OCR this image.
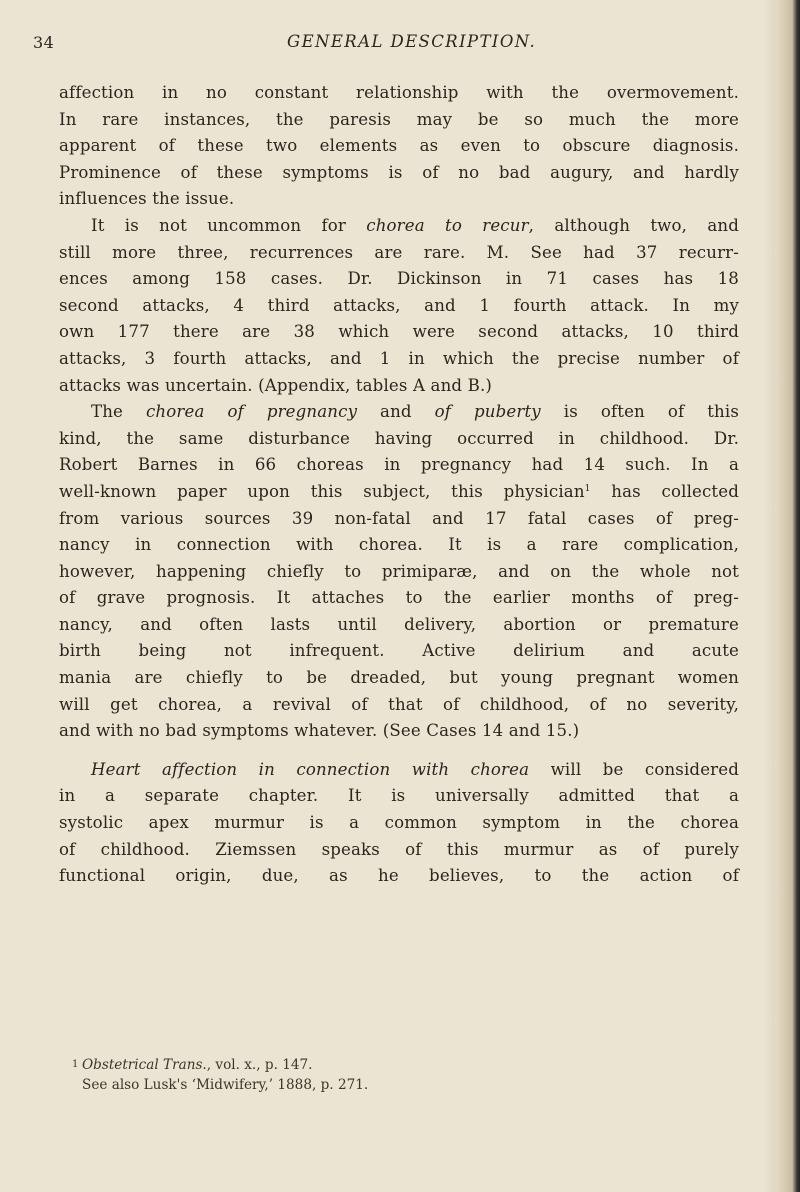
34	GENERAL DESCRIPTION.
affection in no constant relationship with the overmovement.
In rare instances, the paresis may be so much the more
apparent of these two elements as even to obscure diagnosis.
Prominence of these symptoms is of no bad augury, and hardly
influences the issue.
It is not uncommon for chorea to recur, although two, and
still more three, recurrences are rare. M. See had 37 recurr-
ences among 158 cases. Dr. Dickinson in 71 cases has 18
second attacks, 4 third attacks, and 1 fourth attack. In my
own 177 there are 38 which were second attacks, 10 third
attacks, 3 fourth attacks, and 1 in which the precise number of
attacks was uncertain. (Appendix, tables A and B.)
The chorea of pregnancy and of puberty is often of this
kind, the same disturbance having occurred in childhood. Dr.
Robert Barnes in 66 choreas in pregnancy had 14 such. In a
well-known paper upon this subject, this physician$^1$ has collected
from various sources 39 non-fatal and 17 fatal cases of preg-
nancy in connection with chorea. It is a rare complication,
however, happening chiefly to primiparæ, and on the whole not
of grave prognosis. It attaches to the earlier months of preg-
nancy, and often lasts until delivery, abortion or premature
birth being not infrequent. Active delirium and acute
mania are chiefly to be dreaded, but young pregnant women
will get chorea, a revival of that of childhood, of no severity,
and with no bad symptoms whatever. (See Cases 14 and 15.)
Heart affection in connection with chorea will be considered
in a separate chapter. It is universally admitted that a
systolic apex murmur is a common symptom in the chorea
of childhood. Ziemssen speaks of this murmur as of purely
functional origin, due, as he believes, to the action of
1 Obstetrical Trans., vol. x., p. 147.
See also Lusk's ‘Midwifery,’ 1888, p. 271.
